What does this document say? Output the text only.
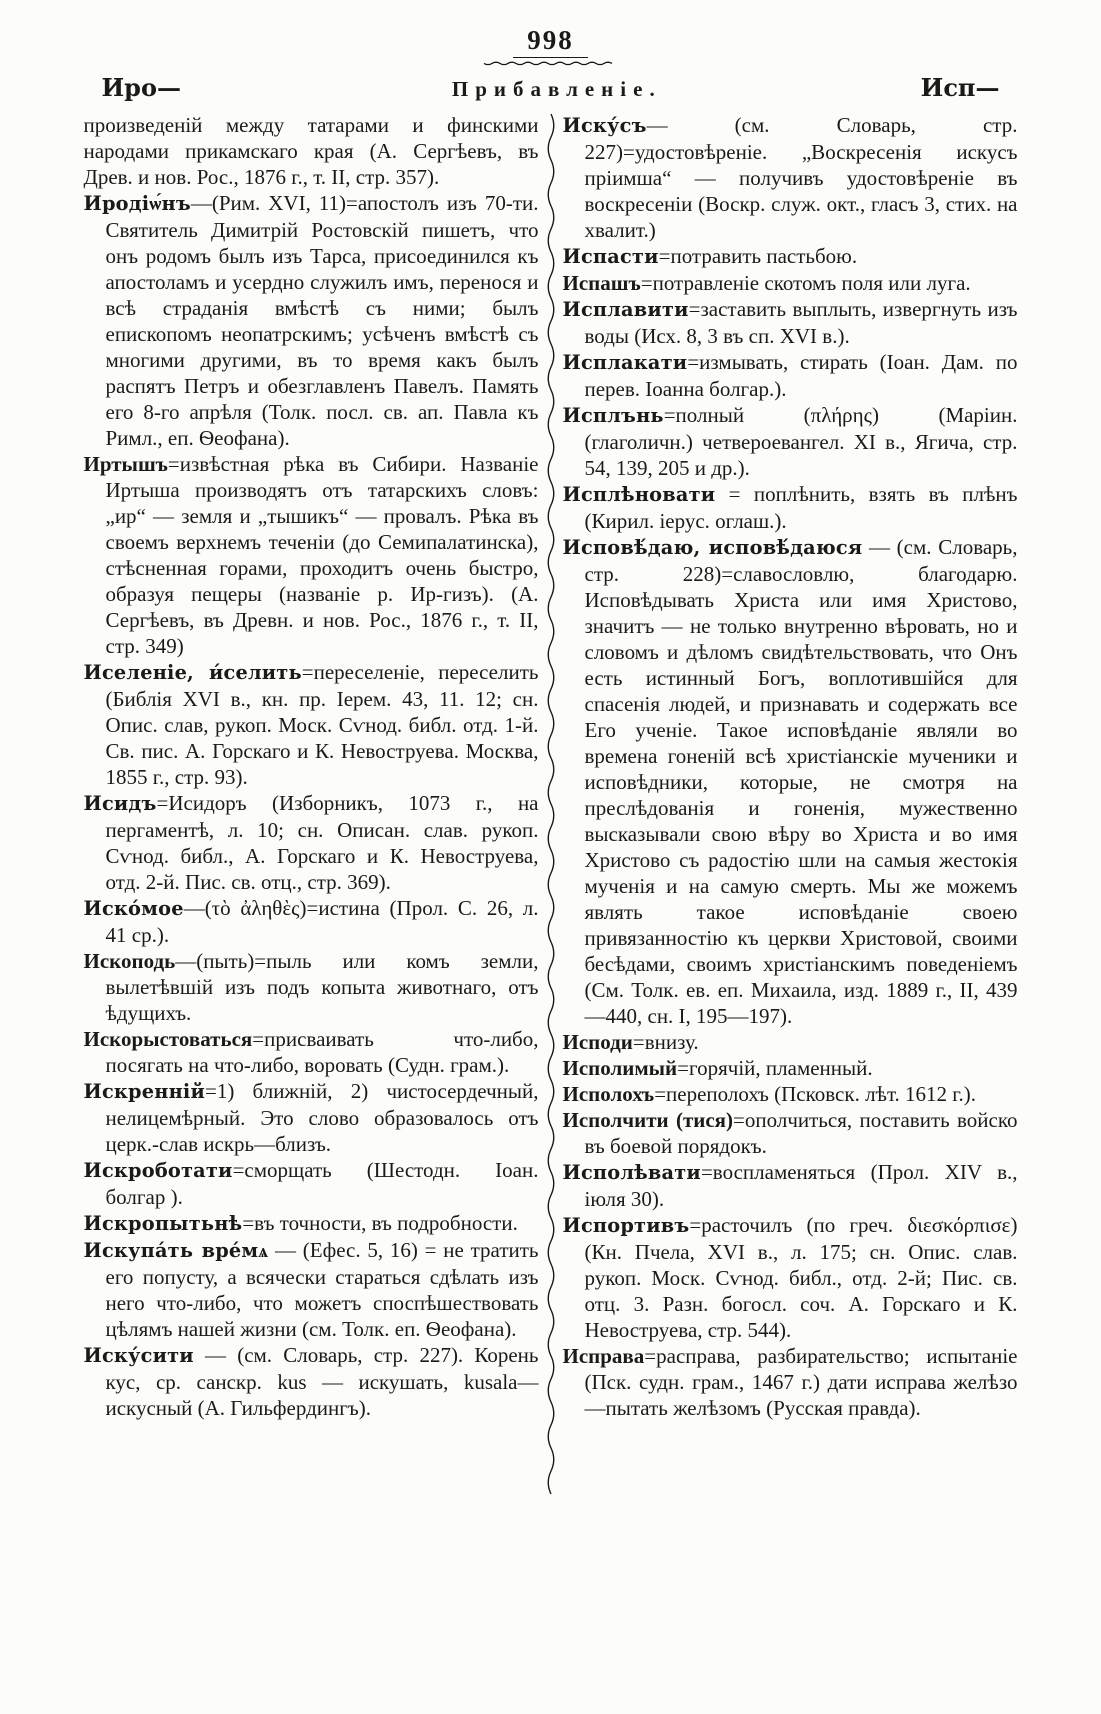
998
Иро—	Прибавленіе.	Исп—

произведеній между татарами и финскими народами прикамскаго края (А. Сергѣевъ, въ Древ. и нов. Рос., 1876 г., т. II, стр. 357).

Иродіѡ́нъ—(Рим. XVI, 11)=апостолъ изъ 70-ти. Святитель Димитрій Ростовскій пишетъ, что онъ родомъ былъ изъ Тарса, присоединился къ апостоламъ и усердно служилъ имъ, перенося и всѣ страданія вмѣстѣ съ ними; былъ епископомъ неопатрскимъ; усѣченъ вмѣстѣ съ многими другими, въ то время какъ былъ распятъ Петръ и обезглавленъ Павелъ. Память его 8-го апрѣля (Толк. посл. св. ап. Павла къ Римл., еп. Ѳеофана).

Иртышъ=извѣстная рѣка въ Сибири. Названіе Иртыша производятъ отъ татарскихъ словъ: „ир“ — земля и „тышикъ“ — провалъ. Рѣка въ своемъ верхнемъ теченіи (до Семипалатинска), стѣсненная горами, проходитъ очень быстро, образуя пещеры (названіе р. Ир-гизъ). (А. Сергѣевъ, въ Древн. и нов. Рос., 1876 г., т. II, стр. 349)

Иселеніе, и́селить=переселеніе, переселить (Библія XVI в., кн. пр. Іерем. 43, 11. 12; сн. Опис. слав, рукоп. Моск. Сѵнод. библ. отд. 1-й. Св. пис. А. Горскаго и К. Невоструева. Москва, 1855 г., стр. 93).

Исидъ=Исидоръ (Изборникъ, 1073 г., на пергаментѣ, л. 10; сн. Описан. слав. рукоп. Сѵнод. библ., А. Горскаго и К. Невоструева, отд. 2-й. Пис. св. отц., стр. 369).

Иско́мое—(τὸ ἀληθὲς)=истина (Прол. С. 26, л. 41 ср.).

Ископодь—(пыть)=пыль или комъ земли, вылетѣвшій изъ подъ копыта животнаго, отъ ѣдущихъ.

Искорыстоваться=присваивать что-либо, посягать на что-либо, воровать (Судн. грам.).

Искренній=1) ближній, 2) чистосердечный, нелицемѣрный. Это слово образовалось отъ церк.-слав искрь—близъ.

Искроботати=сморщать (Шестодн. Іоан. болгар ).

Искропытьнѣ=въ точности, въ подробности.

Искупа́ть вре́мѧ — (Ефес. 5, 16) = не тратить его попусту, а всячески стараться сдѣлать изъ него что-либо, что можетъ споспѣшествовать цѣлямъ нашей жизни (см. Толк. еп. Ѳеофана).

Иску́сити — (см. Словарь, стр. 227). Корень кус, ср. санскр. kus — искушать, kusala—искусный (А. Гильфердингъ).

Иску́съ— (см. Словарь, стр. 227)=удостовѣреніе. „Воскресенія искусъ пріимша“ — получивъ удостовѣреніе въ воскресеніи (Воскр. служ. окт., гласъ 3, стих. на хвалит.)

Испасти=потравить пастьбою.

Испашъ=потравленіе скотомъ поля или луга.

Исплавити=заставить выплыть, извергнуть изъ воды (Исх. 8, 3 въ сп. XVI в.).

Исплакати=измывать, стирать (Іоан. Дам. по перев. Іоанна болгар.).

Исплънь=полный (πλήρης) (Маріин. (глаголичн.) четвероевангел. XI в., Ягича, стр. 54, 139, 205 и др.).

Исплѣновати = поплѣнить, взять въ плѣнъ (Кирил. іерус. оглаш.).

Исповѣ́даю, исповѣ́даюся — (см. Словарь, стр. 228)=славословлю, благодарю. Исповѣдывать Христа или имя Христово, значитъ — не только внутренно вѣровать, но и словомъ и дѣломъ свидѣтельствовать, что Онъ есть истинный Богъ, воплотившійся для спасенія людей, и признавать и содержать все Его ученіе. Такое исповѣданіе являли во времена гоненій всѣ христіанскіе мученики и исповѣдники, которые, не смотря на преслѣдованія и гоненія, мужественно высказывали свою вѣру во Христа и во имя Христово съ радостію шли на самыя жестокія мученія и на самую смерть. Мы же можемъ являть такое исповѣданіе своею привязанностію къ церкви Христовой, своими бесѣдами, своимъ христіанскимъ поведеніемъ (См. Толк. ев. еп. Михаила, изд. 1889 г., II, 439—440, сн. I, 195—197).

Исподи=внизу.

Исполимый=горячій, пламенный.

Исполохъ=переполохъ (Псковск. лѣт. 1612 г.).

Исполчити (тися)=ополчиться, поставить войско въ боевой порядокъ.

Исполѣвати=воспламеняться (Прол. XIV в., іюля 30).

Испортивъ=расточилъ (по греч. διεσκόρπισε) (Кн. Пчела, XVI в., л. 175; сн. Опис. слав. рукоп. Моск. Сѵнод. библ., отд. 2-й; Пис. св. отц. 3. Разн. богосл. соч. А. Горскаго и К. Невоструева, стр. 544).

Исправа=расправа, разбирательство; испытаніе (Пск. судн. грам., 1467 г.) дати исправа желѣзо—пытать желѣзомъ (Русская правда).
